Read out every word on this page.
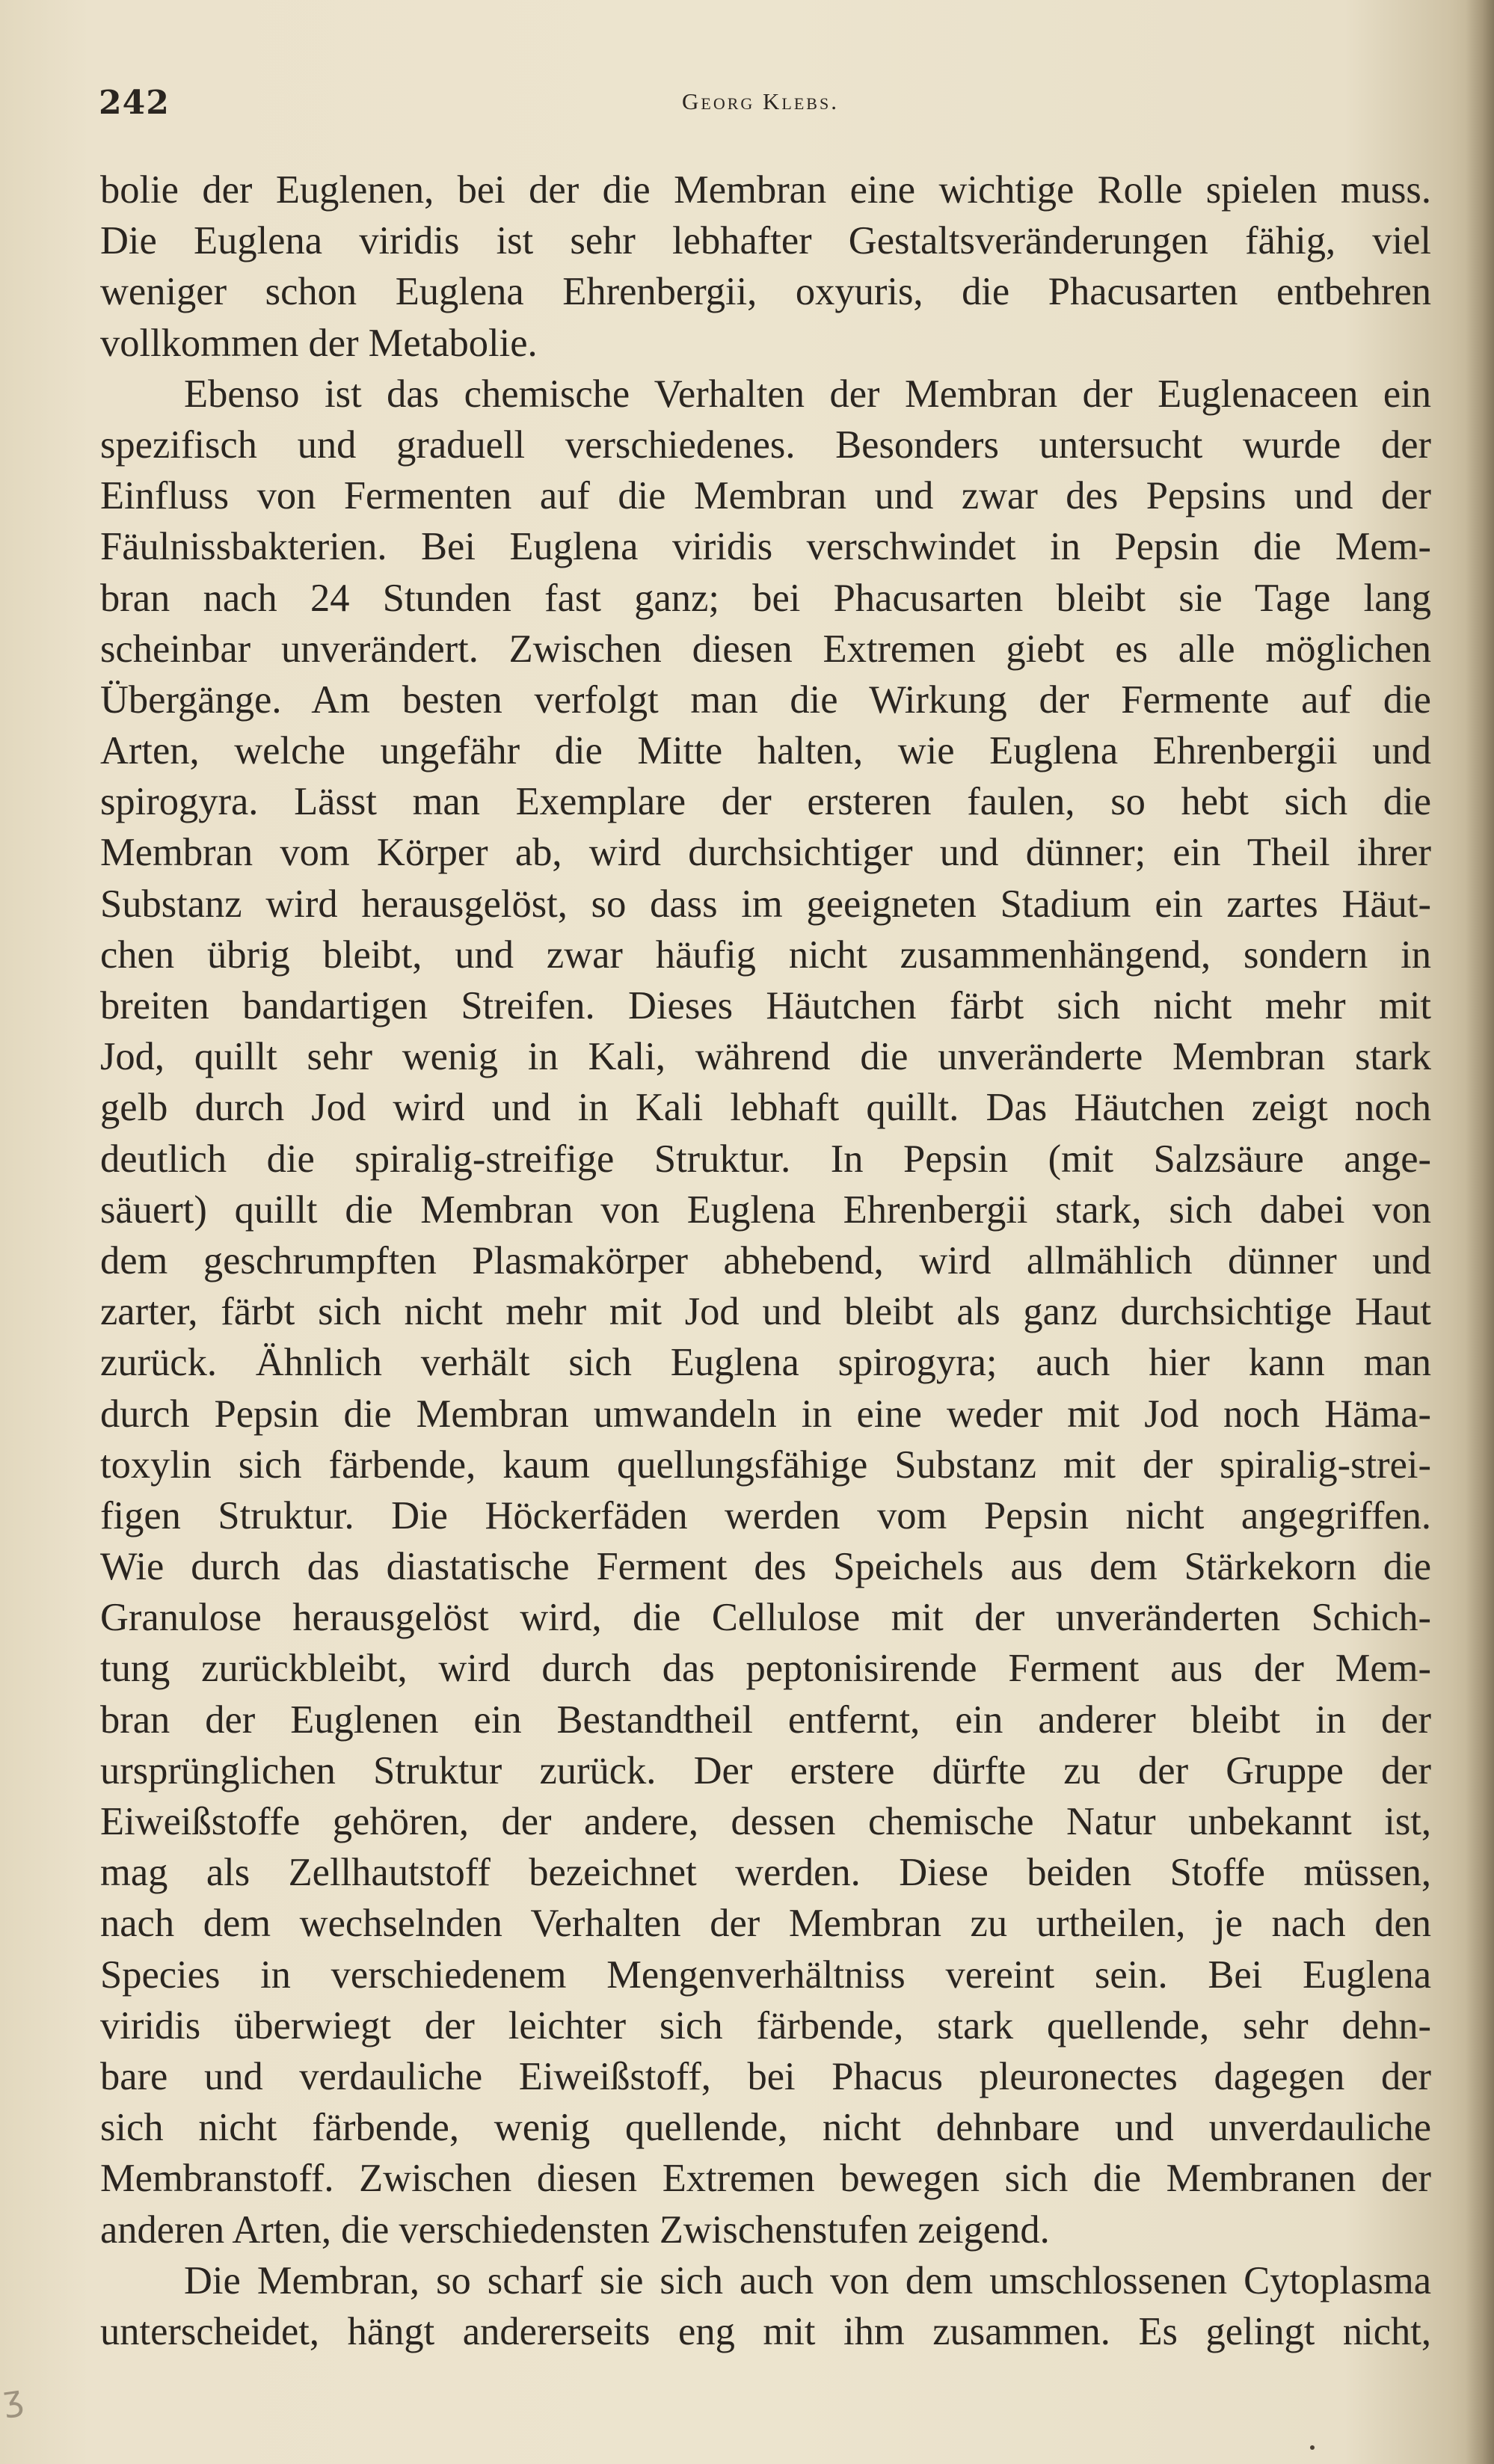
242	Georg Klebs.
bolie der Euglenen, bei der die Membran eine wichtige Rolle spielen muss.
Die Euglena viridis ist sehr lebhafter Gestaltsveränderungen fähig, viel
weniger schon Euglena Ehrenbergii, oxyuris, die Phacusarten entbehren
vollkommen der Metabolie.
Ebenso ist das chemische Verhalten der Membran der Euglenaceen ein
spezifisch und graduell verschiedenes. Besonders untersucht wurde der
Einfluss von Fermenten auf die Membran und zwar des Pepsins und der
Fäulnissbakterien. Bei Euglena viridis verschwindet in Pepsin die Mem-
bran nach 24 Stunden fast ganz; bei Phacusarten bleibt sie Tage lang
scheinbar unverändert. Zwischen diesen Extremen giebt es alle möglichen
Übergänge. Am besten verfolgt man die Wirkung der Fermente auf die
Arten, welche ungefähr die Mitte halten, wie Euglena Ehrenbergii und
spirogyra. Lässt man Exemplare der ersteren faulen, so hebt sich die
Membran vom Körper ab, wird durchsichtiger und dünner; ein Theil ihrer
Substanz wird herausgelöst, so dass im geeigneten Stadium ein zartes Häut-
chen übrig bleibt, und zwar häufig nicht zusammenhängend, sondern in
breiten bandartigen Streifen. Dieses Häutchen färbt sich nicht mehr mit
Jod, quillt sehr wenig in Kali, während die unveränderte Membran stark
gelb durch Jod wird und in Kali lebhaft quillt. Das Häutchen zeigt noch
deutlich die spiralig-streifige Struktur. In Pepsin (mit Salzsäure ange-
säuert) quillt die Membran von Euglena Ehrenbergii stark, sich dabei von
dem geschrumpften Plasmakörper abhebend, wird allmählich dünner und
zarter, färbt sich nicht mehr mit Jod und bleibt als ganz durchsichtige Haut
zurück. Ähnlich verhält sich Euglena spirogyra; auch hier kann man
durch Pepsin die Membran umwandeln in eine weder mit Jod noch Häma-
toxylin sich färbende, kaum quellungsfähige Substanz mit der spiralig-strei-
figen Struktur. Die Höckerfäden werden vom Pepsin nicht angegriffen.
Wie durch das diastatische Ferment des Speichels aus dem Stärkekorn die
Granulose herausgelöst wird, die Cellulose mit der unveränderten Schich-
tung zurückbleibt, wird durch das peptonisirende Ferment aus der Mem-
bran der Euglenen ein Bestandtheil entfernt, ein anderer bleibt in der
ursprünglichen Struktur zurück. Der erstere dürfte zu der Gruppe der
Eiweißstoffe gehören, der andere, dessen chemische Natur unbekannt ist,
mag als Zellhautstoff bezeichnet werden. Diese beiden Stoffe müssen,
nach dem wechselnden Verhalten der Membran zu urtheilen, je nach den
Species in verschiedenem Mengenverhältniss vereint sein. Bei Euglena
viridis überwiegt der leichter sich färbende, stark quellende, sehr dehn-
bare und verdauliche Eiweißstoff, bei Phacus pleuronectes dagegen der
sich nicht färbende, wenig quellende, nicht dehnbare und unverdauliche
Membranstoff. Zwischen diesen Extremen bewegen sich die Membranen der
anderen Arten, die verschiedensten Zwischenstufen zeigend.
Die Membran, so scharf sie sich auch von dem umschlossenen Cytoplasma
unterscheidet, hängt andererseits eng mit ihm zusammen. Es gelingt nicht,
ʒ
